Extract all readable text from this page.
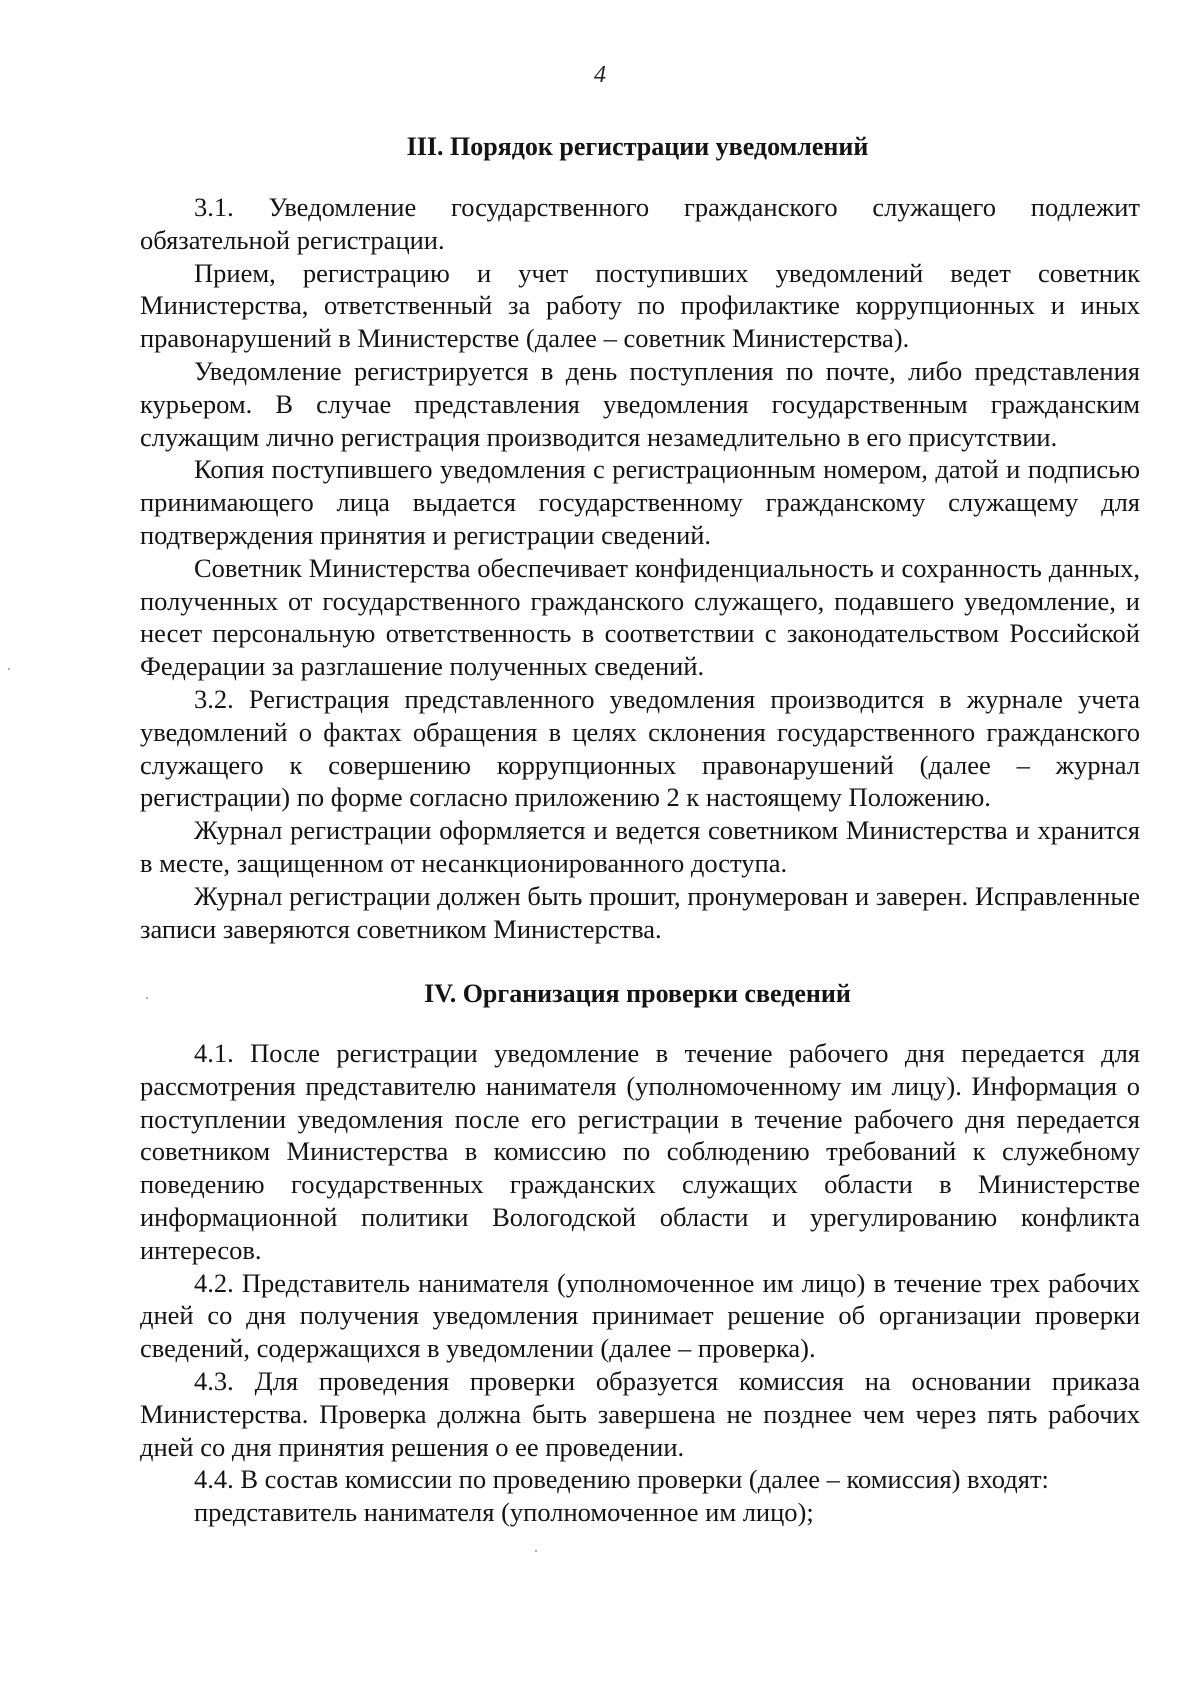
4
III. Порядок регистрации уведомлений

3.1. Уведомление государственного гражданского служащего подлежит обязательной регистрации.

Прием, регистрацию и учет поступивших уведомлений ведет советник Министерства, ответственный за работу по профилактике коррупционных и иных правонарушений в Министерстве (далее – советник Министерства).

Уведомление регистрируется в день поступления по почте, либо представления курьером. В случае представления уведомления государственным гражданским служащим лично регистрация производится незамедлительно в его присутствии.

Копия поступившего уведомления с регистрационным номером, датой и подписью принимающего лица выдается государственному гражданскому служащему для подтверждения принятия и регистрации сведений.

Советник Министерства обеспечивает конфиденциальность и сохранность данных, полученных от государственного гражданского служащего, подавшего уведомление, и несет персональную ответственность в соответствии с законодательством Российской Федерации за разглашение полученных сведений.

3.2. Регистрация представленного уведомления производится в журнале учета уведомлений о фактах обращения в целях склонения государственного гражданского служащего к совершению коррупционных правонарушений (далее – журнал регистрации) по форме согласно приложению 2 к настоящему Положению.

Журнал регистрации оформляется и ведется советником Министерства и хранится в месте, защищенном от несанкционированного доступа.

Журнал регистрации должен быть прошит, пронумерован и заверен. Исправленные записи заверяются советником Министерства.

IV. Организация проверки сведений

4.1. После регистрации уведомление в течение рабочего дня передается для рассмотрения представителю нанимателя (уполномоченному им лицу). Информация о поступлении уведомления после его регистрации в течение рабочего дня передается советником Министерства в комиссию по соблюдению требований к служебному поведению государственных гражданских служащих области в Министерстве информационной политики Вологодской области и урегулированию конфликта интересов.

4.2. Представитель нанимателя (уполномоченное им лицо) в течение трех рабочих дней со дня получения уведомления принимает решение об организации проверки сведений, содержащихся в уведомлении (далее – проверка).

4.3. Для проведения проверки образуется комиссия на основании приказа Министерства. Проверка должна быть завершена не позднее чем через пять рабочих дней со дня принятия решения о ее проведении.

4.4. В состав комиссии по проведению проверки (далее – комиссия) входят:

представитель нанимателя (уполномоченное им лицо);
